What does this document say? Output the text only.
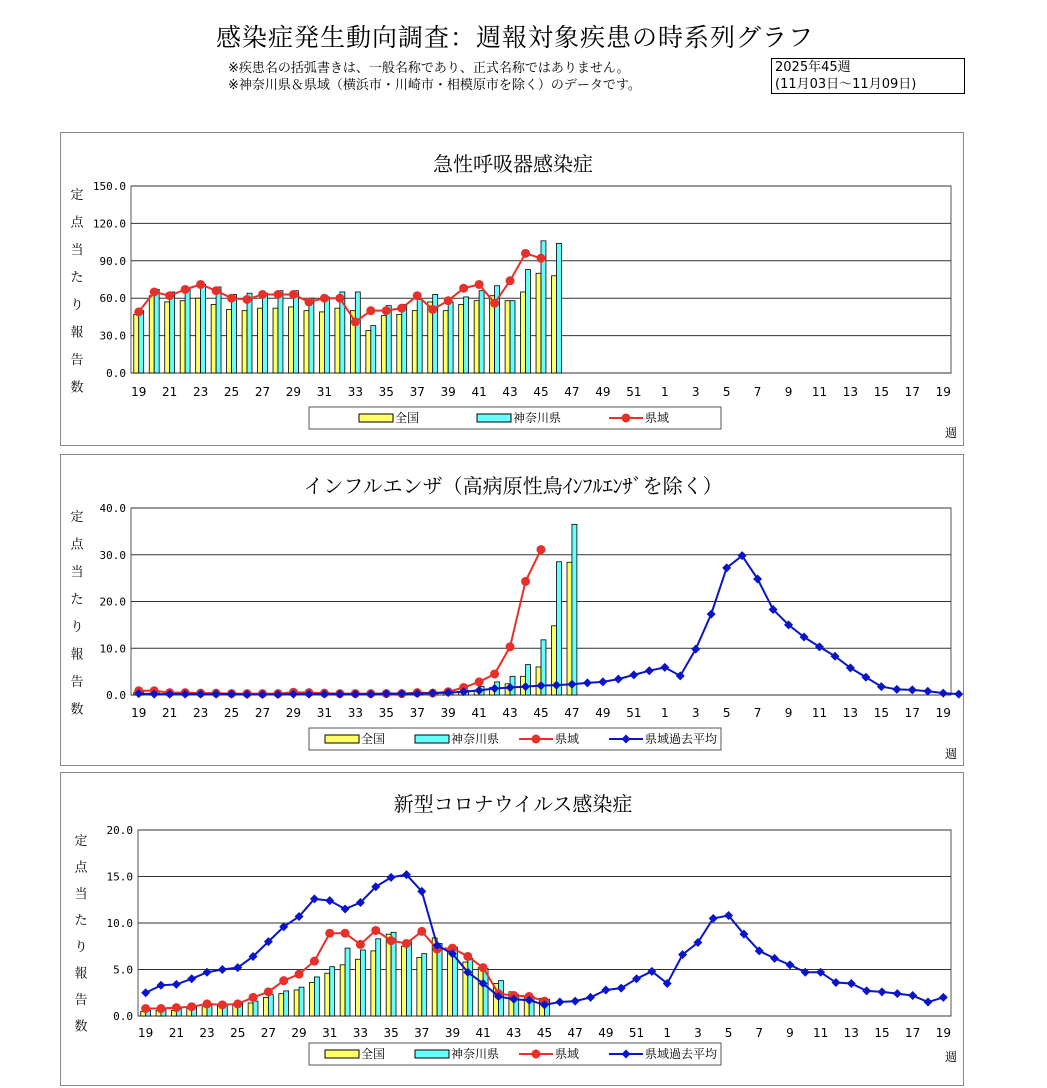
感染症発生動向調査：週報対象疾患の時系列グラフ
※疾患名の括弧書きは、一般名称であり、正式名称ではありません。
※神奈川県＆県域（横浜市・川崎市・相模原市を除く）のデータです。
2025年45週
(11月03日～11月09日)
急性呼吸器感染症
0.0
30.0
60.0
90.0
120.0
150.0
定
点
当
た
り
報
告
数	19 21 23 25 27 29 31 33 35 37 39 41 43 45 47 49 51 1 3 5 7 9 11 13 15 17 19
週
全国	神奈川県	県域
インフルエンザ（高病原性鳥ｲﾝﾌﾙｴﾝｻﾞを除く）
0.0
10.0
20.0
30.0
40.0
定
点
当
た
り
報
告
数	19 21 23 25 27 29 31 33 35 37 39 41 43 45 47 49 51 1 3 5 7 9 11 13 15 17 19
週
全国	神奈川県	県域	県域過去平均
新型コロナウイルス感染症
0.0
5.0
10.0
15.0
20.0
定
点
当
た
り
報
告
数	19 21 23 25 27 29 31 33 35 37 39 41 43 45 47 49 51 1 3 5 7 9 11 13 15 17 19
週
全国	神奈川県	県域	県域過去平均
